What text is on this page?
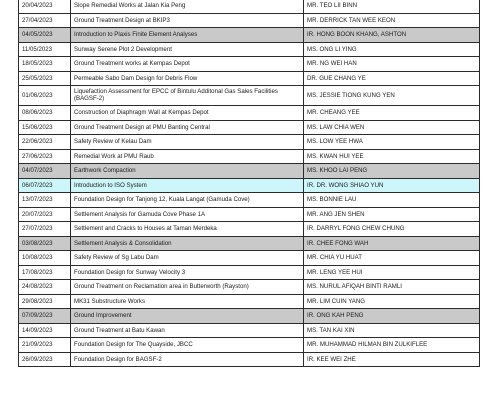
20/04/2023	Slope Remedial Works at Jalan Kia Peng	MR. TEO LII BINN
27/04/2023	Ground Treatment Design at BKIP3	MR. DERRICK TAN WEE KEON
04/05/2023	Introduction to Plaxis Finite Element Analyses	IR. HONG BOON KHANG, ASHTON
11/05/2023	Sunway Serene Plot 2 Development	MS. ONG LI YING
18/05/2023	Ground Treatment works at Kempas Depot	MR. NG WEI HAN
25/05/2023	Permeable Sabo Dam Design for Debris Flow	DR. GUE CHANG YE
01/06/2023	Liquefaction Assessment for EPCC of Bintulu Additonal Gas Sales Facilities (BAGSF-2)	MS. JESSIE TIONG KUNG YEN
08/06/2023	Construction of Diaphragm Wall at Kempas Depot	MR. CHEANG YEE
15/06/2023	Ground Treatment Design at PMU Banting Central	MS. LAW CHIA WEN
22/06/2023	Safety Review of Kelau Dam	MS. LOW YEE HWA
27/06/2023	Remedial Work at PMU Raub	MS. KWAN HUI YEE
04/07/2023	Earthwork Compaction	MS. KHOO LAI PENG
06/07/2023	Introduction to ISO System	IR. DR. WONG SHIAO YUN
13/07/2023	Foundation Design for Tanjong 12, Kuala Langat (Gamuda Cove)	MS. BONNIE LAU
20/07/2023	Settlement Analysis for Gamuda Cove Phase 1A	MR. ANG JEN SHEN
27/07/2023	Settlement and Cracks to Houses at Taman Merdeka	IR. DARRYL FONG CHEW CHUNG
03/08/2023	Settlement Analysis & Consolidation	IR. CHEE FONG WAH
10/08/2023	Safety Review of Sg Labu Dam	MR. CHIA YU HUAT
17/08/2023	Foundation Design for Sunway Velocity 3	MR. LENG YEE HUI
24/08/2023	Ground Treatment on Reclamation area in Butterworth (Rayston)	MS. NURUL AFIQAH BINTI RAMLI
29/08/2023	MK31 Substructure Works	MR. LIM CUIN YANG
07/09/2023	Ground Improvement	IR. ONG KAH PENG
14/09/2023	Ground Treatment at Batu Kawan	MS. TAN KAI XIN
21/09/2023	Foundation Design for The Quayside, JBCC	MR. MUHAMMAD HILMAN BIN ZULKIFLEE
26/09/2023	Foundation Design for BAGSF-2	IR. KEE WEI ZHE
